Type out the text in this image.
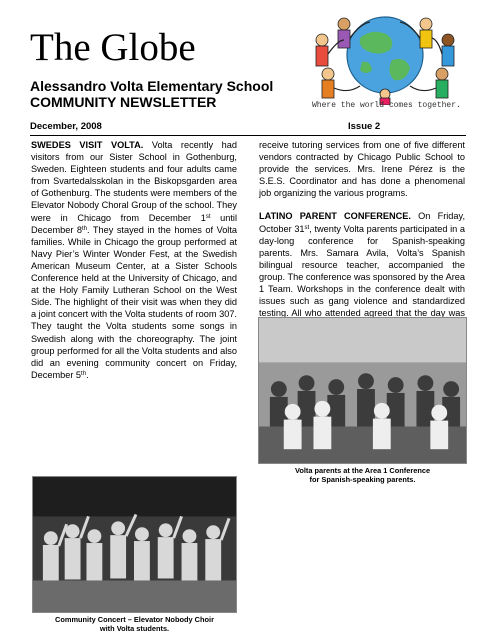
The Globe
Alessandro Volta Elementary School
COMMUNITY NEWSLETTER	Where the world comes together.
December, 2008	Issue 2

SWEDES VISIT VOLTA. Volta recently had visitors from our Sister School in Gothenburg, Sweden. Eighteen students and four adults came from Svartedalsskolan in the Biskopsgarden area of Gothenburg. The students were members of the Elevator Nobody Choral Group of the school. They were in Chicago from December 1st until December 8th. They stayed in the homes of Volta families. While in Chicago the group performed at Navy Pier’s Winter Wonder Fest, at the Swedish American Museum Center, at a Sister Schools Conference held at the University of Chicago, and at the Holy Family Lutheran School on the West Side. The highlight of their visit was when they did a joint concert with the Volta students of room 307. They taught the Volta students some songs in Swedish along with the choreography. The joint group performed for all the Volta students and also did an evening community concert on Friday, December 5th.

Community Concert – Elevator Nobody Choir
with Volta students.

receive tutoring services from one of five different vendors contracted by Chicago Public School to provide the services. Mrs. Irene Pérez is the S.E.S. Coordinator and has done a phenomenal job organizing the various programs.

LATINO PARENT CONFERENCE. On Friday, October 31st, twenty Volta parents participated in a day-long conference for Spanish-speaking parents. Mrs. Samara Avila, Volta’s Spanish bilingual resource teacher, accompanied the group. The conference was sponsored by the Area 1 Team. Workshops in the conference dealt with issues such as gang violence and standardized testing. All who attended agreed that the day was

Volta parents at the Area 1 Conference
for Spanish-speaking parents.
